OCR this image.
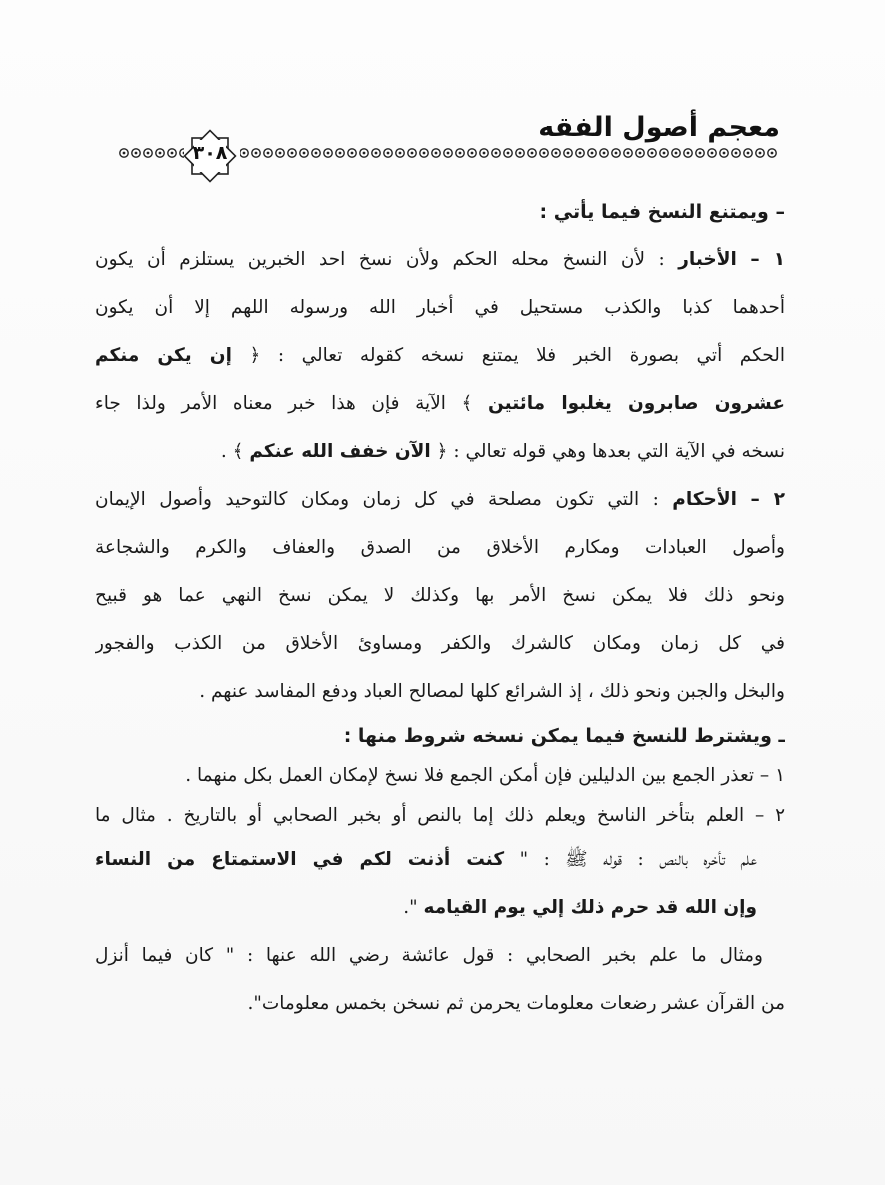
معجم أصول الفقه
٣٠٨
– ويمتنع النسخ فيما يأتي :
١ – الأخبار : لأن النسخ محله الحكم ولأن نسخ احد الخبرين يستلزم أن يكون
أحدهما كذبا والكذب مستحيل في أخبار الله ورسوله اللهم إلا أن يكون
الحكم أتي بصورة الخبر فلا يمتنع نسخه كقوله تعالي : ﴿ إن يكن منكم
عشرون صابرون يغلبوا مائتين ﴾ الآية فإن هذا خبر معناه الأمر ولذا جاء
نسخه في الآية التي بعدها وهي قوله تعالي : ﴿ الآن خفف الله عنكم ﴾ .
٢ – الأحكام : التي تكون مصلحة في كل زمان ومكان كالتوحيد وأصول الإيمان
وأصول العبادات ومكارم الأخلاق من الصدق والعفاف والكرم والشجاعة
ونحو ذلك فلا يمكن نسخ الأمر بها وكذلك لا يمكن نسخ النهي عما هو قبيح
في كل زمان ومكان كالشرك والكفر ومساوئ الأخلاق من الكذب والفجور
والبخل والجبن ونحو ذلك ، إذ الشرائع كلها لمصالح العباد ودفع المفاسد عنهم .
ـ ويشترط للنسخ فيما يمكن نسخه شروط منها :
١ – تعذر الجمع بين الدليلين فإن أمكن الجمع فلا نسخ لإمكان العمل بكل منهما .
٢ – العلم بتأخر الناسخ ويعلم ذلك إما بالنص أو بخبر الصحابي أو بالتاريخ . مثال ما
علم تأخره بالنص : قوله ﷺ : " كنت أذنت لكم في الاستمتاع من النساء
وإن الله قد حرم ذلك إلي يوم القيامه ".
ومثال ما علم بخبر الصحابي : قول عائشة رضي الله عنها : " كان فيما أنزل
من القرآن عشر رضعات معلومات يحرمن ثم نسخن بخمس معلومات".
